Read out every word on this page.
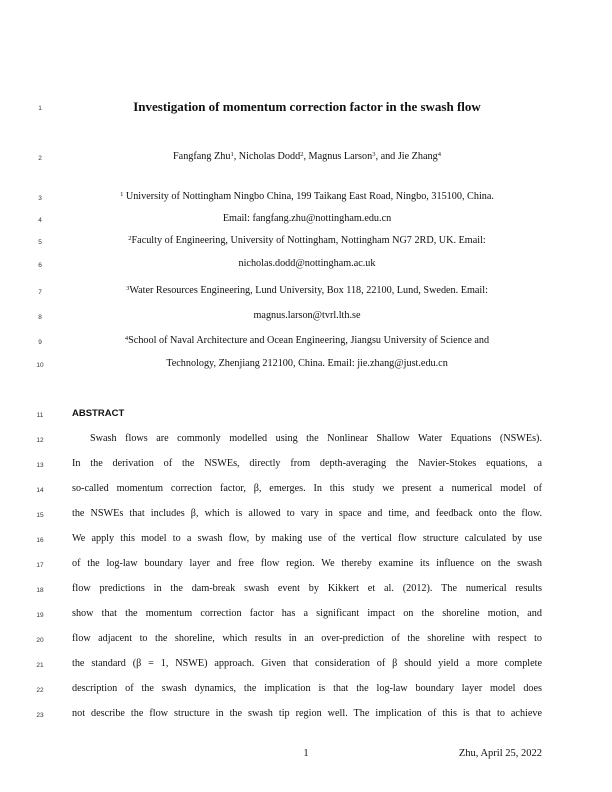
1
2
3
4
5
6
7
8
9
10
11
12
13
14
15
16
17
18
19
20
21
22
23
Investigation of momentum correction factor in the swash flow
Fangfang Zhu$^1$, Nicholas Dodd$^2$, Magnus Larson$^3$, and Jie Zhang$^4$
$^1$ University of Nottingham Ningbo China, 199 Taikang East Road, Ningbo, 315100, China.
Email: fangfang.zhu@nottingham.edu.cn
$^2$Faculty of Engineering, University of Nottingham, Nottingham NG7 2RD, UK. Email:
nicholas.dodd@nottingham.ac.uk
$^3$Water Resources Engineering, Lund University, Box 118, 22100, Lund, Sweden. Email:
magnus.larson@tvrl.lth.se
$^4$School of Naval Architecture and Ocean Engineering, Jiangsu University of Science and
Technology, Zhenjiang 212100, China. Email: jie.zhang@just.edu.cn
ABSTRACT
Swash flows are commonly modelled using the Nonlinear Shallow Water Equations (NSWEs).
In the derivation of the NSWEs, directly from depth-averaging the Navier-Stokes equations, a
so-called momentum correction factor, β, emerges. In this study we present a numerical model of
the NSWEs that includes β, which is allowed to vary in space and time, and feedback onto the flow.
We apply this model to a swash flow, by making use of the vertical flow structure calculated by use
of the log-law boundary layer and free flow region. We thereby examine its influence on the swash
flow predictions in the dam-break swash event by Kikkert et al. (2012). The numerical results
show that the momentum correction factor has a significant impact on the shoreline motion, and
flow adjacent to the shoreline, which results in an over-prediction of the shoreline with respect to
the standard (β = 1, NSWE) approach. Given that consideration of β should yield a more complete
description of the swash dynamics, the implication is that the log-law boundary layer model does
not describe the flow structure in the swash tip region well. The implication of this is that to achieve
1	Zhu, April 25, 2022
